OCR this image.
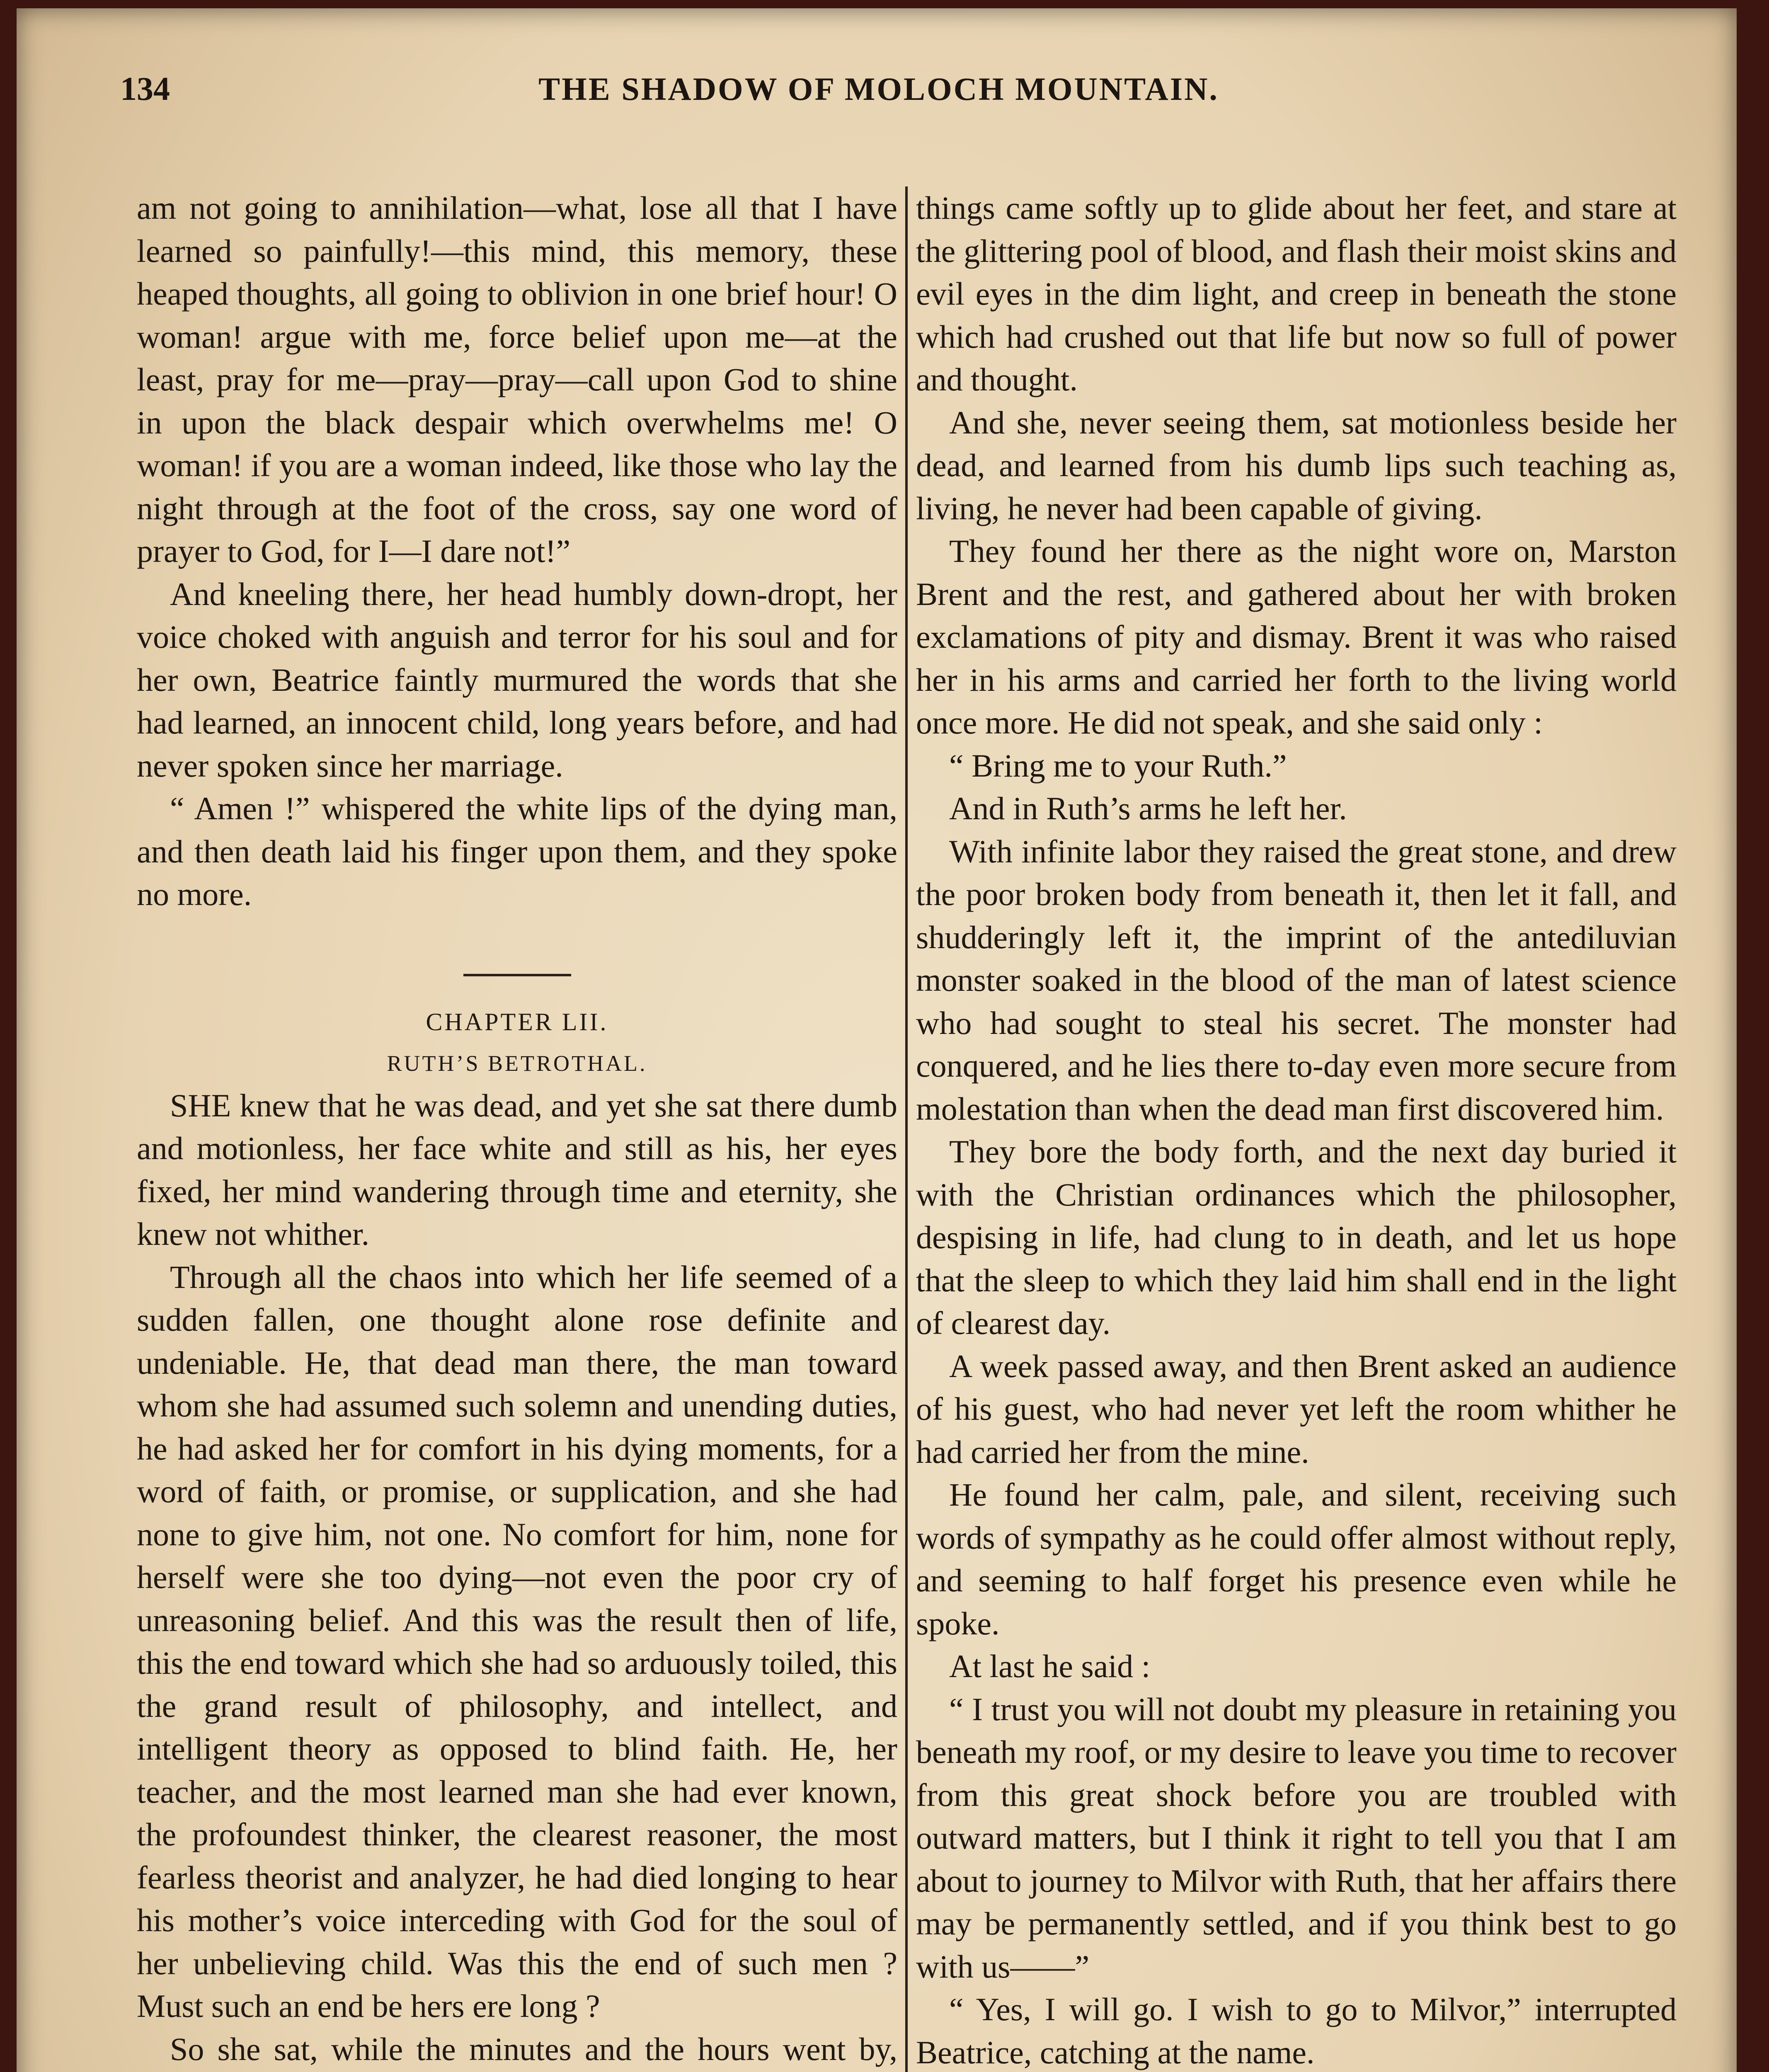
134	THE SHADOW OF MOLOCH MOUNTAIN.

am not going to annihilation—what, lose all that I have learned so painfully!—this mind, this memory, these heaped thoughts, all going to oblivion in one brief hour! O woman! argue with me, force belief upon me—at the least, pray for me—pray—pray—call upon God to shine in upon the black despair which overwhelms me! O woman! if you are a woman indeed, like those who lay the night through at the foot of the cross, say one word of prayer to God, for I—I dare not!”

And kneeling there, her head humbly down-dropt, her voice choked with anguish and terror for his soul and for her own, Beatrice faintly murmured the words that she had learned, an innocent child, long years before, and had never spoken since her marriage.

“ Amen !” whispered the white lips of the dying man, and then death laid his finger upon them, and they spoke no more.

CHAPTER LII.

RUTH’S BETROTHAL.

SHE knew that he was dead, and yet she sat there dumb and motionless, her face white and still as his, her eyes fixed, her mind wandering through time and eternity, she knew not whither.

Through all the chaos into which her life seemed of a sudden fallen, one thought alone rose definite and undeniable. He, that dead man there, the man toward whom she had assumed such solemn and unending duties, he had asked her for comfort in his dying moments, for a word of faith, or promise, or supplication, and she had none to give him, not one. No comfort for him, none for herself were she too dying—not even the poor cry of unreasoning belief. And this was the result then of life, this the end toward which she had so arduously toiled, this the grand result of philosophy, and intellect, and intelligent theory as opposed to blind faith. He, her teacher, and the most learned man she had ever known, the profoundest thinker, the clearest reasoner, the most fearless theorist and analyzer, he had died longing to hear his mother’s voice interceding with God for the soul of her unbelieving child. Was this the end of such men ? Must such an end be hers ere long ?

So she sat, while the minutes and the hours went by,

things came softly up to glide about her feet, and stare at the glittering pool of blood, and flash their moist skins and evil eyes in the dim light, and creep in beneath the stone which had crushed out that life but now so full of power and thought.

And she, never seeing them, sat motionless beside her dead, and learned from his dumb lips such teaching as, living, he never had been capable of giving.

They found her there as the night wore on, Marston Brent and the rest, and gathered about her with broken exclamations of pity and dismay. Brent it was who raised her in his arms and carried her forth to the living world once more. He did not speak, and she said only :

“ Bring me to your Ruth.”

And in Ruth’s arms he left her.

With infinite labor they raised the great stone, and drew the poor broken body from beneath it, then let it fall, and shudderingly left it, the imprint of the antediluvian monster soaked in the blood of the man of latest science who had sought to steal his secret. The monster had conquered, and he lies there to-day even more secure from molestation than when the dead man first discovered him.

They bore the body forth, and the next day buried it with the Christian ordinances which the philosopher, despising in life, had clung to in death, and let us hope that the sleep to which they laid him shall end in the light of clearest day.

A week passed away, and then Brent asked an audience of his guest, who had never yet left the room whither he had carried her from the mine.

He found her calm, pale, and silent, receiving such words of sympathy as he could offer almost without reply, and seeming to half forget his presence even while he spoke.

At last he said :

“ I trust you will not doubt my pleasure in retaining you beneath my roof, or my desire to leave you time to recover from this great shock before you are troubled with outward matters, but I think it right to tell you that I am about to journey to Milvor with Ruth, that her affairs there may be permanently settled, and if you think best to go with us——”

“ Yes, I will go. I wish to go to Milvor,” interrupted Beatrice, catching at the name.
